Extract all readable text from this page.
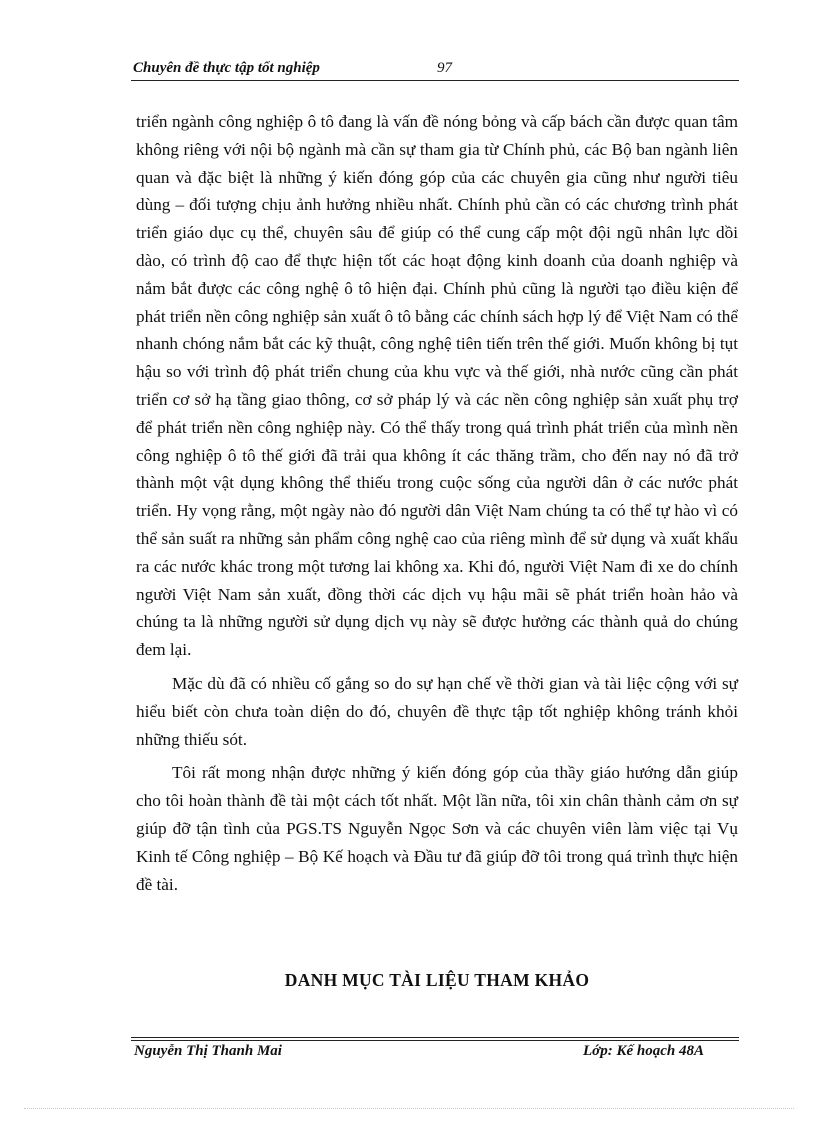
Chuyên đề thực tập tốt nghiệp	97

triển ngành công nghiệp ô tô đang là vấn đề nóng bỏng và cấp bách cần được quan tâm không riêng với nội bộ ngành mà cần sự tham gia từ Chính phủ, các Bộ ban ngành liên quan và đặc biệt là những ý kiến đóng góp của các chuyên gia cũng như người tiêu dùng – đối tượng chịu ảnh hưởng nhiều nhất. Chính phủ cần có các chương trình phát triển giáo dục cụ thể, chuyên sâu để giúp có thể cung cấp một đội ngũ nhân lực dồi dào, có trình độ cao để thực hiện tốt các hoạt động kinh doanh của doanh nghiệp và nắm bắt được các công nghệ ô tô hiện đại. Chính phủ cũng là người tạo điều kiện để phát triển nền công nghiệp sản xuất ô tô bằng các chính sách hợp lý để Việt Nam có thể nhanh chóng nắm bắt các kỹ thuật, công nghệ tiên tiến trên thế giới. Muốn không bị tụt hậu so với trình độ phát triển chung của khu vực và thế giới, nhà nước cũng cần phát triển cơ sở hạ tầng giao thông, cơ sở pháp lý và các nền công nghiệp sản xuất phụ trợ để phát triển nền công nghiệp này. Có thể thấy trong quá trình phát triển của mình nền công nghiệp ô tô thế giới đã trải qua không ít các thăng trầm, cho đến nay nó đã trở thành một vật dụng không thể thiếu trong cuộc sống của người dân ở các nước phát triển. Hy vọng rằng, một ngày nào đó người dân Việt Nam chúng ta có thể tự hào vì có thể sản suất ra những sản phẩm công nghệ cao của riêng mình để sử dụng và xuất khẩu ra các nước khác trong một tương lai không xa. Khi đó, người Việt Nam đi xe do chính người Việt Nam sản xuất, đồng thời các dịch vụ hậu mãi sẽ phát triển hoàn hảo và chúng ta là những người sử dụng dịch vụ này sẽ được hưởng các thành quả do chúng đem lại.

Mặc dù đã có nhiều cố gắng so do sự hạn chế về thời gian và tài liệc cộng với sự hiểu biết còn chưa toàn diện do đó, chuyên đề thực tập tốt nghiệp không tránh khỏi những thiếu sót.

Tôi rất mong nhận được những ý kiến đóng góp của thầy giáo hướng dẫn giúp cho tôi hoàn thành đề tài một cách tốt nhất. Một lần nữa, tôi xin chân thành cảm ơn sự giúp đỡ tận tình của PGS.TS Nguyễn Ngọc Sơn và các chuyên viên làm việc tại Vụ Kinh tế Công nghiệp – Bộ Kế hoạch và Đầu tư đã giúp đỡ tôi trong quá trình thực hiện đề tài.

DANH MỤC TÀI LIỆU THAM KHẢO
Nguyễn Thị Thanh Mai	Lớp: Kế hoạch 48A
